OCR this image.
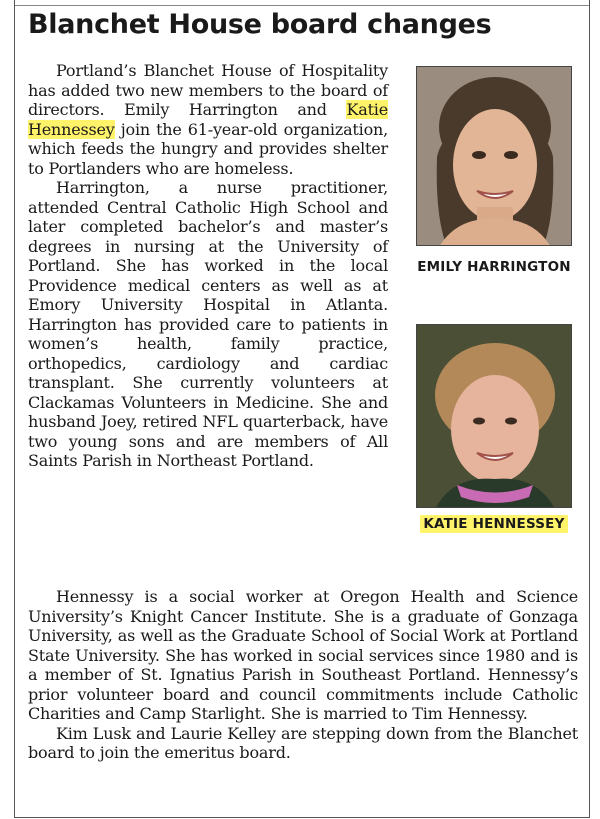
Blanchet House board changes

Portland’s Blanchet House of Hospitality has added two new members to the board of directors. Emily Harrington and Katie Hennessey join the 61-year-old organization, which feeds the hungry and provides shelter to Portlanders who are homeless.

Harrington, a nurse practitioner, attended Central Catholic High School and later completed bachelor’s and master’s degrees in nursing at the University of Portland. She has worked in the local Providence medical centers as well as at Emory University Hospital in Atlanta. Harrington has provided care to patients in women’s health, family practice, orthopedics, cardiology and cardiac transplant. She currently volunteers at Clackamas Volunteers in Medicine. She and husband Joey, retired NFL quarterback, have two young sons and are members of All Saints Parish in Northeast Portland.

EMILY HARRINGTON
KATIE HENNESSEY

Hennessy is a social worker at Oregon Health and Science University’s Knight Cancer Institute. She is a graduate of Gonzaga University, as well as the Graduate School of Social Work at Portland State University. She has worked in social services since 1980 and is a member of St. Ignatius Parish in Southeast Portland. Hennessy’s prior volunteer board and council commitments include Catholic Charities and Camp Starlight. She is married to Tim Hennessy.

Kim Lusk and Laurie Kelley are stepping down from the Blanchet board to join the emeritus board.
